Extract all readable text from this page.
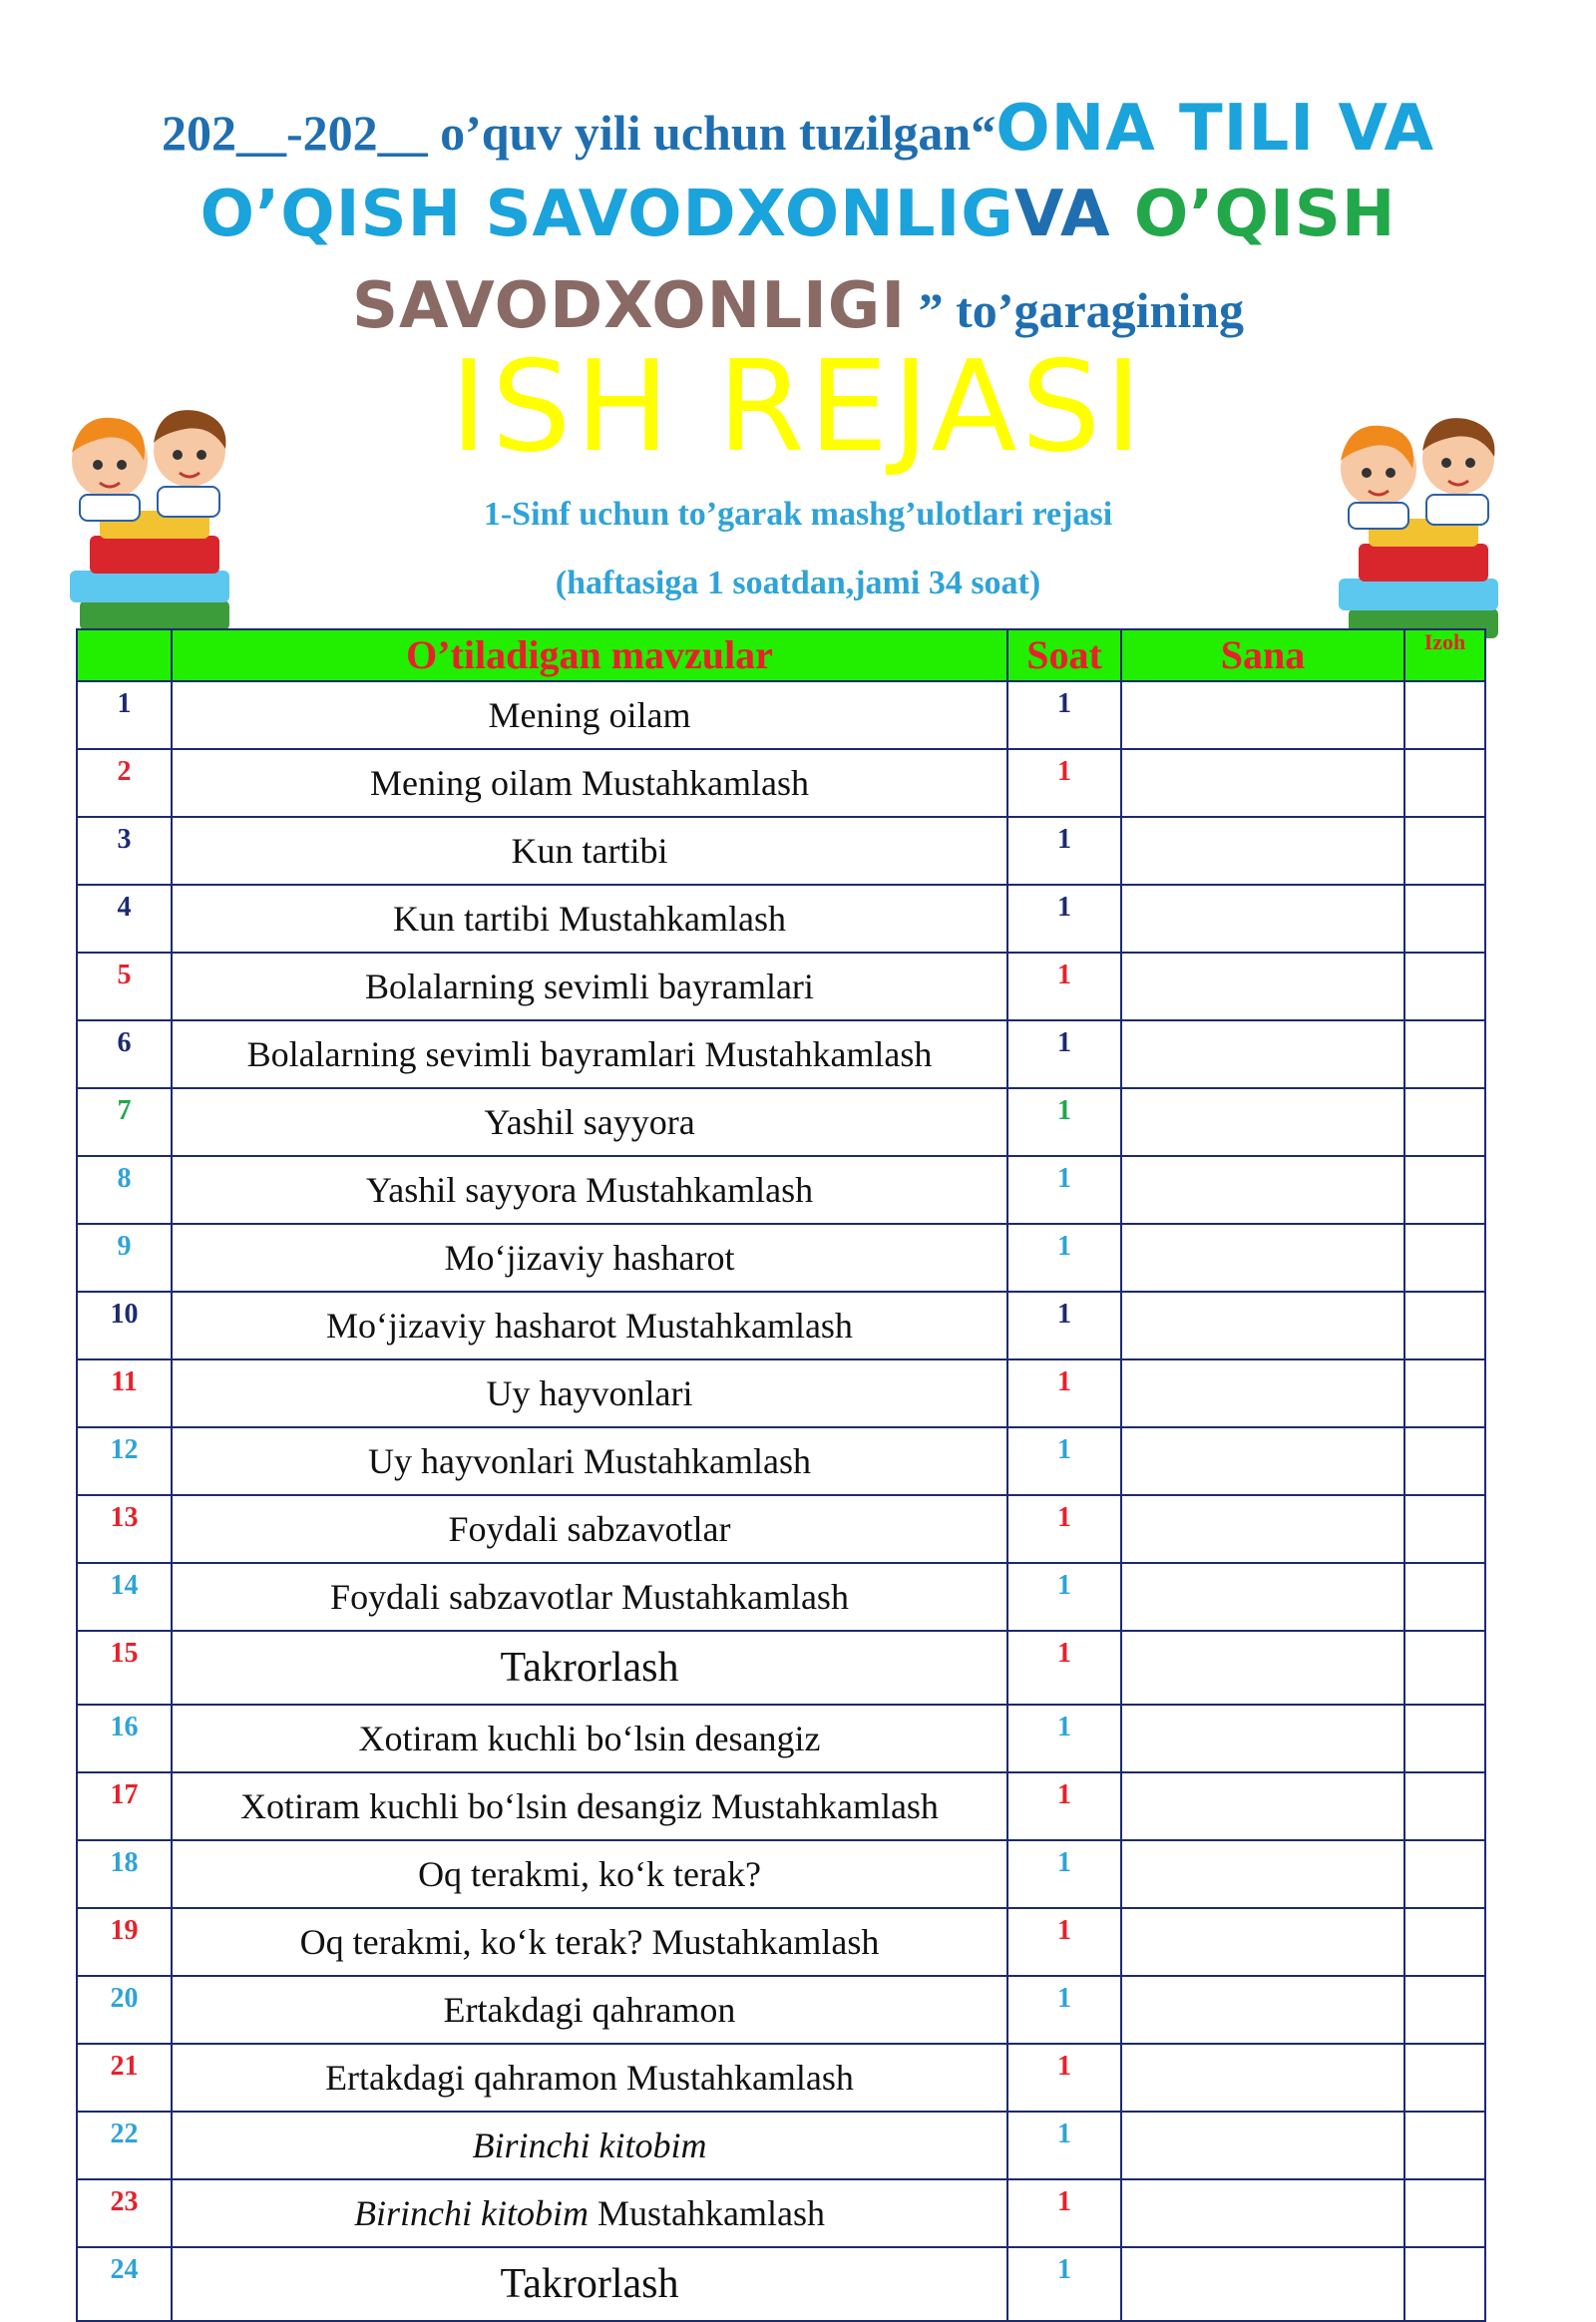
202__-202__ o’quv yili uchun tuzilgan“ONA TILI VA
O’QISH SAVODXONLIGVA O’QISH
SAVODXONLIGI ” to’garagining
ISH REJASI
1-Sinf uchun to’garak mashg’ulotlari rejasi
(haftasiga 1 soatdan,jami 34 soat)
	O’tiladigan mavzular	Soat	Sana	Izoh
1	Mening oilam	1		
2	Mening oilam Mustahkamlash	1		
3	Kun tartibi	1		
4	Kun tartibi Mustahkamlash	1		
5	Bolalarning sevimli bayramlari	1		
6	Bolalarning sevimli bayramlari Mustahkamlash	1		
7	Yashil sayyora	1		
8	Yashil sayyora Mustahkamlash	1		
9	Mo‘jizaviy hasharot	1		
10	Mo‘jizaviy hasharot Mustahkamlash	1		
11	Uy hayvonlari	1		
12	Uy hayvonlari Mustahkamlash	1		
13	Foydali sabzavotlar	1		
14	Foydali sabzavotlar Mustahkamlash	1		
15	Takrorlash	1		
16	Xotiram kuchli bo‘lsin desangiz	1		
17	Xotiram kuchli bo‘lsin desangiz Mustahkamlash	1		
18	Oq terakmi, ko‘k terak?	1		
19	Oq terakmi, ko‘k terak? Mustahkamlash	1		
20	Ertakdagi qahramon	1		
21	Ertakdagi qahramon Mustahkamlash	1		
22	Birinchi kitobim	1		
23	Birinchi kitobim Mustahkamlash	1		
24	Takrorlash	1		
